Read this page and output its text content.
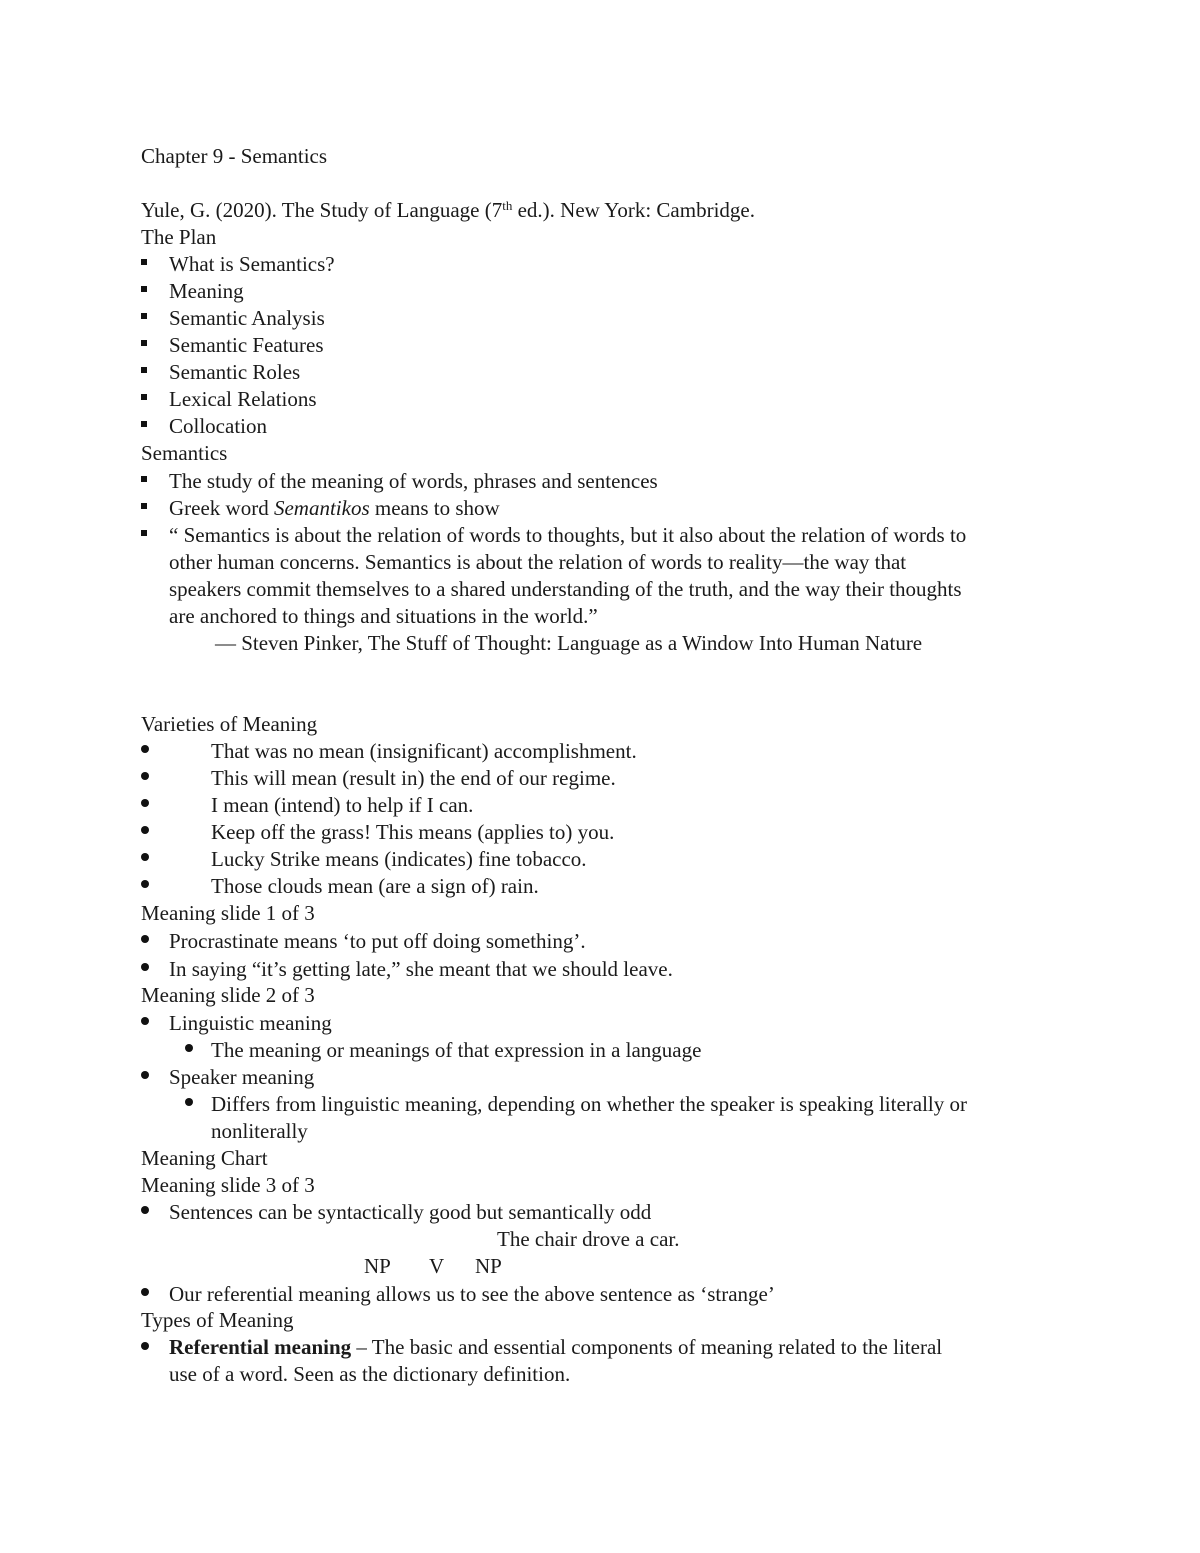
Chapter 9 - Semantics
Yule, G. (2020). The Study of Language (7th ed.). New York: Cambridge.
The Plan
What is Semantics?
Meaning
Semantic Analysis
Semantic Features
Semantic Roles
Lexical Relations
Collocation
Semantics
The study of the meaning of words, phrases and sentences
Greek word Semantikos means to show
“ Semantics is about the relation of words to thoughts, but it also about the relation of words to
other human concerns. Semantics is about the relation of words to reality—the way that
speakers commit themselves to a shared understanding of the truth, and the way their thoughts
are anchored to things and situations in the world.”
― Steven Pinker, The Stuff of Thought: Language as a Window Into Human Nature
Varieties of Meaning
That was no mean (insignificant) accomplishment.
This will mean (result in) the end of our regime.
I mean (intend) to help if I can.
Keep off the grass! This means (applies to) you.
Lucky Strike means (indicates) fine tobacco.
Those clouds mean (are a sign of) rain.
Meaning slide 1 of 3
Procrastinate means ‘to put off doing something’.
In saying “it’s getting late,” she meant that we should leave.
Meaning slide 2 of 3
Linguistic meaning
The meaning or meanings of that expression in a language
Speaker meaning
Differs from linguistic meaning, depending on whether the speaker is speaking literally or
nonliterally
Meaning Chart
Meaning slide 3 of 3
Sentences can be syntactically good but semantically odd
The chair drove a car.
NP V NP
Our referential meaning allows us to see the above sentence as ‘strange’
Types of Meaning
Referential meaning – The basic and essential components of meaning related to the literal
use of a word. Seen as the dictionary definition.
